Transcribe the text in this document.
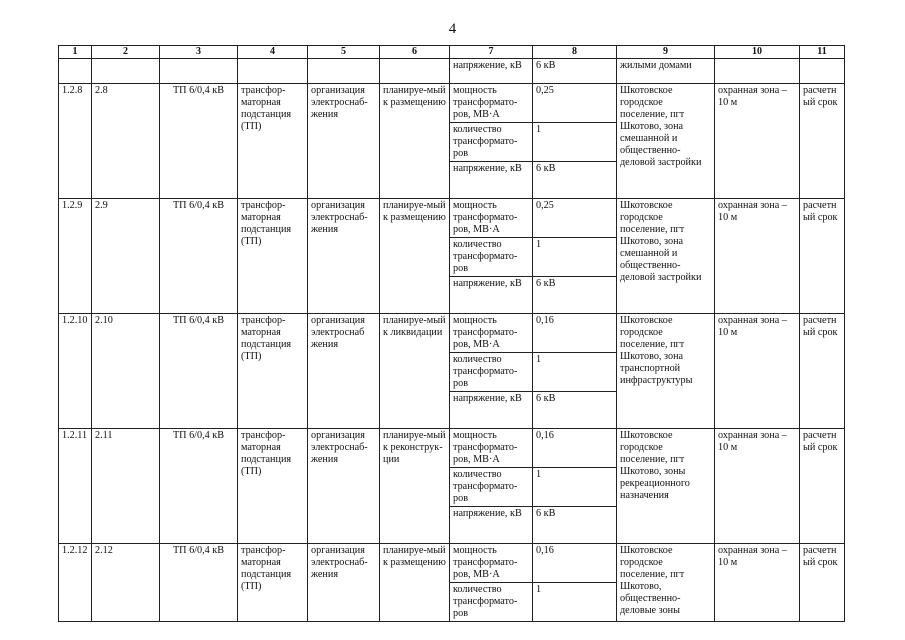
4
1	2	3	4	5	6	7	8	9	10	11
						напряжение, кВ	6 кВ	жилыми домами		
1.2.8	2.8	ТП 6/0,4 кВ	трансфор-маторная подстанция (ТП)	организация электроснаб-жения	планируе-мый к размещению	мощность трансформато-ров, МВ·А	0,25	Шкотовское городское поселение, пгт Шкотово, зона смешанной и общественно-деловой застройки	охранная зона – 10 м	расчетный срок
						количество трансформато-ров	1			
						напряжение, кВ	6 кВ			
1.2.9	2.9	ТП 6/0,4 кВ	трансфор-маторная подстанция (ТП)	организация электроснаб-жения	планируе-мый к размещению	мощность трансформато-ров, МВ·А	0,25	Шкотовское городское поселение, пгт Шкотово, зона смешанной и общественно-деловой застройки	охранная зона – 10 м	расчетный срок
						количество трансформато-ров	1			
						напряжение, кВ	6 кВ			
1.2.10	2.10	ТП 6/0,4 кВ	трансфор-маторная подстанция (ТП)	организация электроснаб жения	планируе-мый к ликвидации	мощность трансформато-ров, МВ·А	0,16	Шкотовское городское поселение, пгт Шкотово, зона транспортной инфраструктуры	охранная зона – 10 м	расчетный срок
						количество трансформато-ров	1			
						напряжение, кВ	6 кВ			
1.2.11	2.11	ТП 6/0,4 кВ	трансфор-маторная подстанция (ТП)	организация электроснаб-жения	планируе-мый к реконструк-ции	мощность трансформато-ров, МВ·А	0,16	Шкотовское городское поселение, пгт Шкотово, зоны рекреационного назначения	охранная зона – 10 м	расчетный срок
						количество трансформато-ров	1			
						напряжение, кВ	6 кВ			
1.2.12	2.12	ТП 6/0,4 кВ	трансфор-маторная подстанция (ТП)	организация электроснаб-жения	планируе-мый к размещению	мощность трансформато-ров, МВ·А	0,16	Шкотовское городское поселение, пгт Шкотово, общественно-деловые зоны	охранная зона – 10 м	расчетный срок
						количество трансформато-ров	1			
